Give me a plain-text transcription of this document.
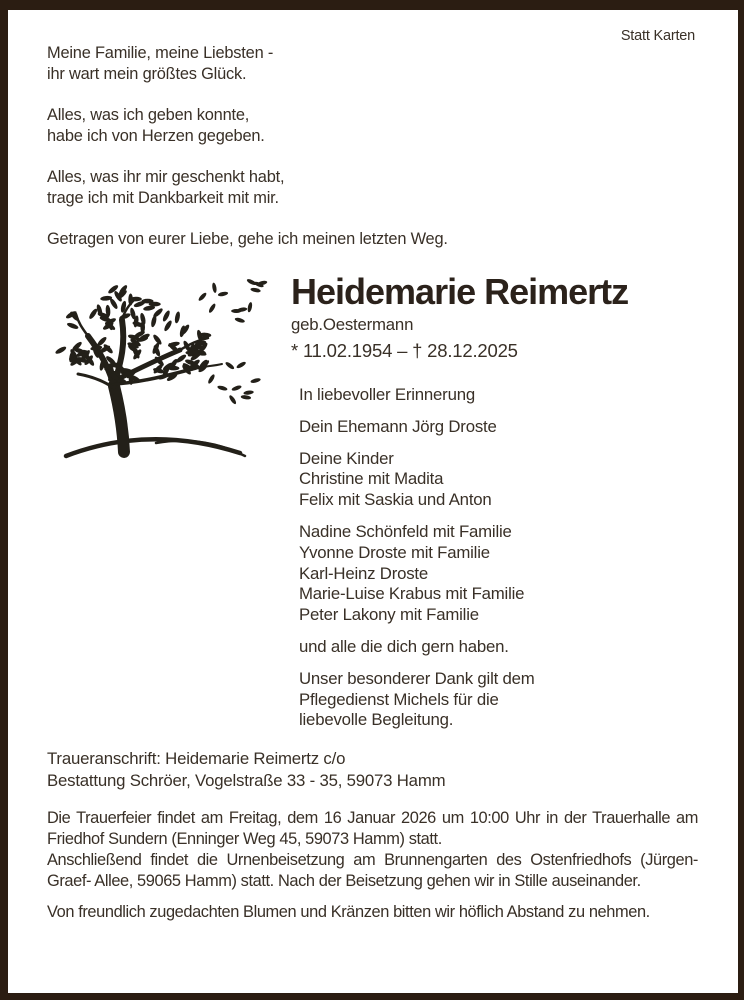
Statt Karten

Meine Familie, meine Liebsten -
ihr wart mein größtes Glück.

Alles, was ich geben konnte,
habe ich von Herzen gegeben.

Alles, was ihr mir geschenkt habt,
trage ich mit Dankbarkeit mit mir.

Getragen von eurer Liebe, gehe ich meinen letzten Weg.

Heidemarie Reimertz
geb.Oestermann
* 11.02.1954 – † 28.12.2025

In liebevoller Erinnerung

Dein Ehemann Jörg Droste

Deine Kinder
Christine mit Madita
Felix mit Saskia und Anton

Nadine Schönfeld mit Familie
Yvonne Droste mit Familie
Karl-Heinz Droste
Marie-Luise Krabus mit Familie
Peter Lakony mit Familie

und alle die dich gern haben.

Unser besonderer Dank gilt dem
Pflegedienst Michels für die
liebevolle Begleitung.

Traueranschrift: Heidemarie Reimertz c/o
Bestattung Schröer, Vogelstraße 33 - 35, 59073 Hamm

Die Trauerfeier findet am Freitag, dem 16 Januar 2026 um 10:00 Uhr in der Trauerhalle am Friedhof Sundern (Enninger Weg 45, 59073 Hamm) statt.

Anschließend findet die Urnenbeisetzung am Brunnengarten des Ostenfriedhofs (Jürgen- Graef- Allee, 59065 Hamm) statt. Nach der Beisetzung gehen wir in Stille auseinander.

Von freundlich zugedachten Blumen und Kränzen bitten wir höflich Abstand zu nehmen.
